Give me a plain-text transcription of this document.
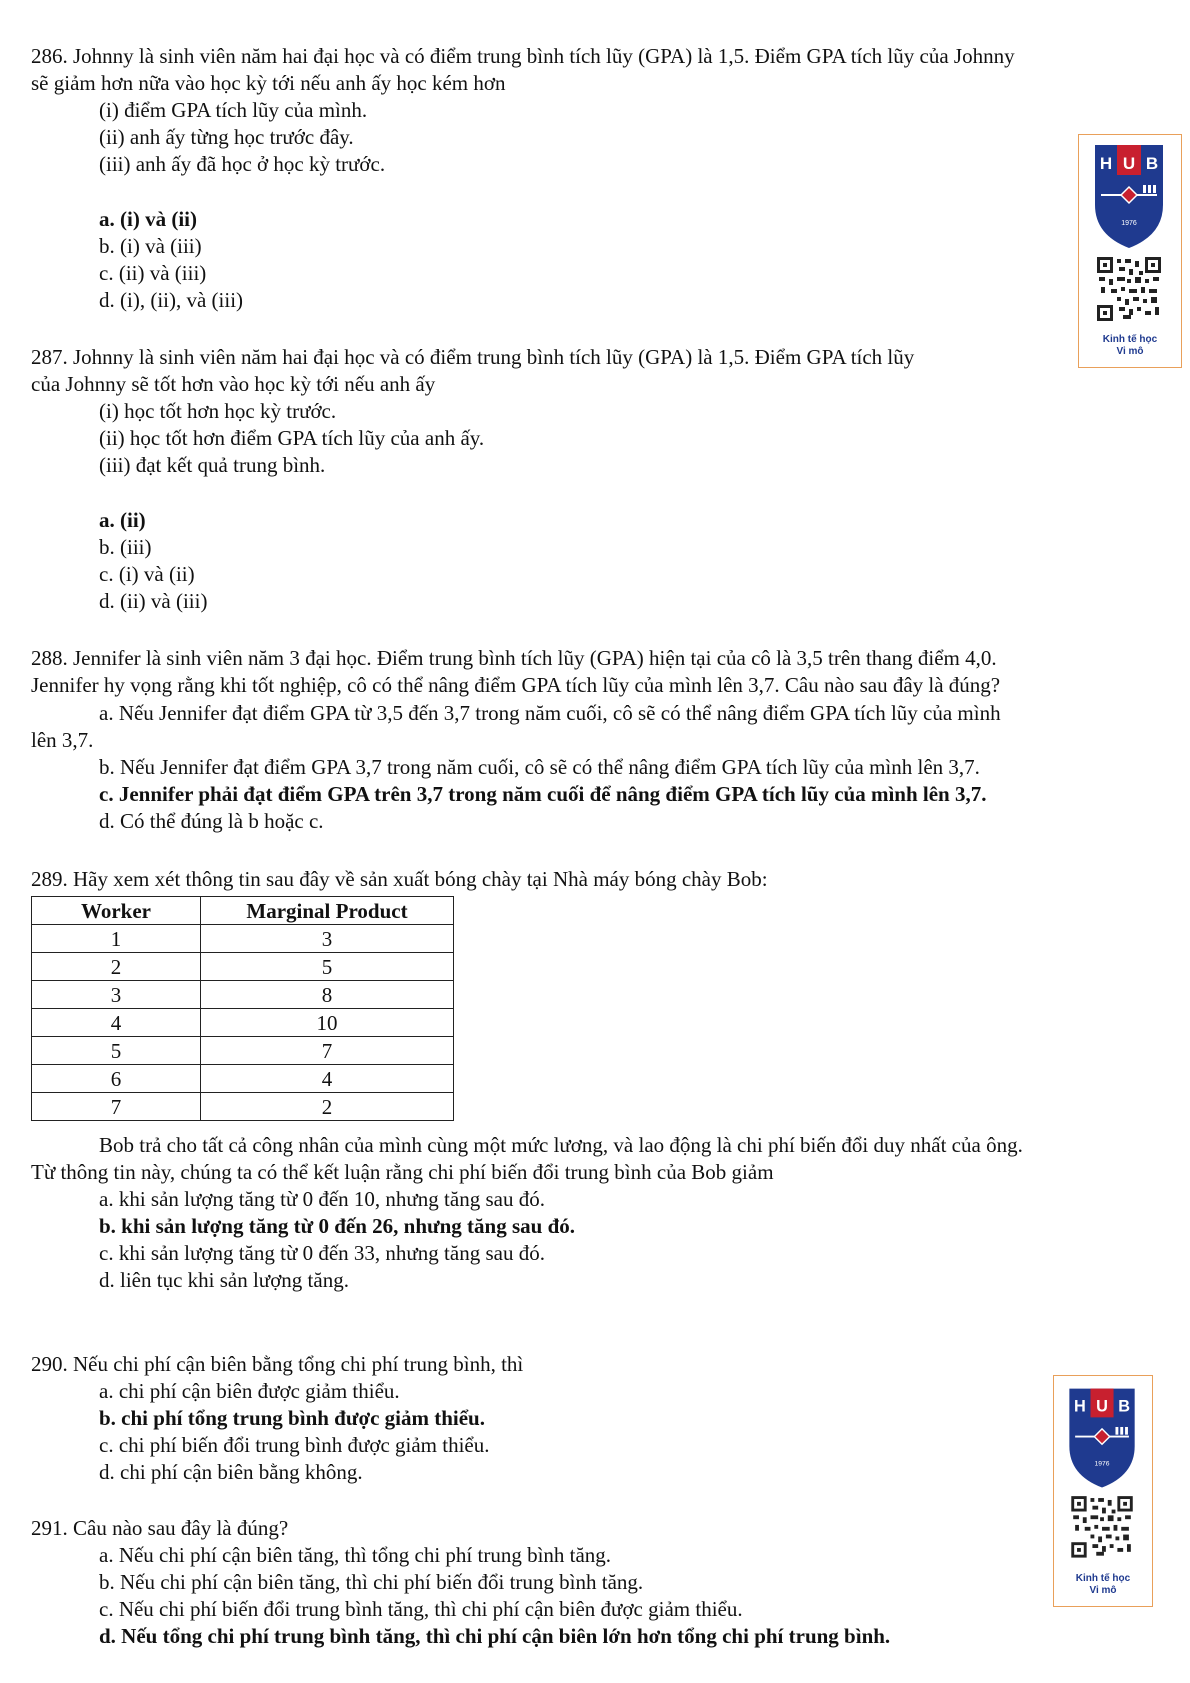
286. Johnny là sinh viên năm hai đại học và có điểm trung bình tích lũy (GPA) là 1,5. Điểm GPA tích lũy của Johnny
sẽ giảm hơn nữa vào học kỳ tới nếu anh ấy học kém hơn
(i) điểm GPA tích lũy của mình.
(ii) anh ấy từng học trước đây.
(iii) anh ấy đã học ở học kỳ trước.
a. (i) và (ii)
b. (i) và (iii)
c. (ii) và (iii)
d. (i), (ii), và (iii)
287. Johnny là sinh viên năm hai đại học và có điểm trung bình tích lũy (GPA) là 1,5. Điểm GPA tích lũy
của Johnny sẽ tốt hơn vào học kỳ tới nếu anh ấy
(i) học tốt hơn học kỳ trước.
(ii) học tốt hơn điểm GPA tích lũy của anh ấy.
(iii) đạt kết quả trung bình.
a. (ii)
b. (iii)
c. (i) và (ii)
d. (ii) và (iii)
288. Jennifer là sinh viên năm 3 đại học. Điểm trung bình tích lũy (GPA) hiện tại của cô là 3,5 trên thang điểm 4,0.
Jennifer hy vọng rằng khi tốt nghiệp, cô có thể nâng điểm GPA tích lũy của mình lên 3,7. Câu nào sau đây là đúng?
a. Nếu Jennifer đạt điểm GPA từ 3,5 đến 3,7 trong năm cuối, cô sẽ có thể nâng điểm GPA tích lũy của mình
lên 3,7.
b. Nếu Jennifer đạt điểm GPA 3,7 trong năm cuối, cô sẽ có thể nâng điểm GPA tích lũy của mình lên 3,7.
c. Jennifer phải đạt điểm GPA trên 3,7 trong năm cuối để nâng điểm GPA tích lũy của mình lên 3,7.
d. Có thể đúng là b hoặc c.
289. Hãy xem xét thông tin sau đây về sản xuất bóng chày tại Nhà máy bóng chày Bob:
Worker	Marginal Product
1	3
2	5
3	8
4	10
5	7
6	4
7	2
Bob trả cho tất cả công nhân của mình cùng một mức lương, và lao động là chi phí biến đổi duy nhất của ông.
Từ thông tin này, chúng ta có thể kết luận rằng chi phí biến đổi trung bình của Bob giảm
a. khi sản lượng tăng từ 0 đến 10, nhưng tăng sau đó.
b. khi sản lượng tăng từ 0 đến 26, nhưng tăng sau đó.
c. khi sản lượng tăng từ 0 đến 33, nhưng tăng sau đó.
d. liên tục khi sản lượng tăng.
290. Nếu chi phí cận biên bằng tổng chi phí trung bình, thì
a. chi phí cận biên được giảm thiểu.
b. chi phí tổng trung bình được giảm thiểu.
c. chi phí biến đổi trung bình được giảm thiểu.
d. chi phí cận biên bằng không.
291. Câu nào sau đây là đúng?
a. Nếu chi phí cận biên tăng, thì tổng chi phí trung bình tăng.
b. Nếu chi phí cận biên tăng, thì chi phí biến đổi trung bình tăng.
c. Nếu chi phí biến đổi trung bình tăng, thì chi phí cận biên được giảm thiểu.
d. Nếu tổng chi phí trung bình tăng, thì chi phí cận biên lớn hơn tổng chi phí trung bình.
H U B
1976
Kinh tế học
Vi mô
H U B
1976
Kinh tế học
Vi mô
